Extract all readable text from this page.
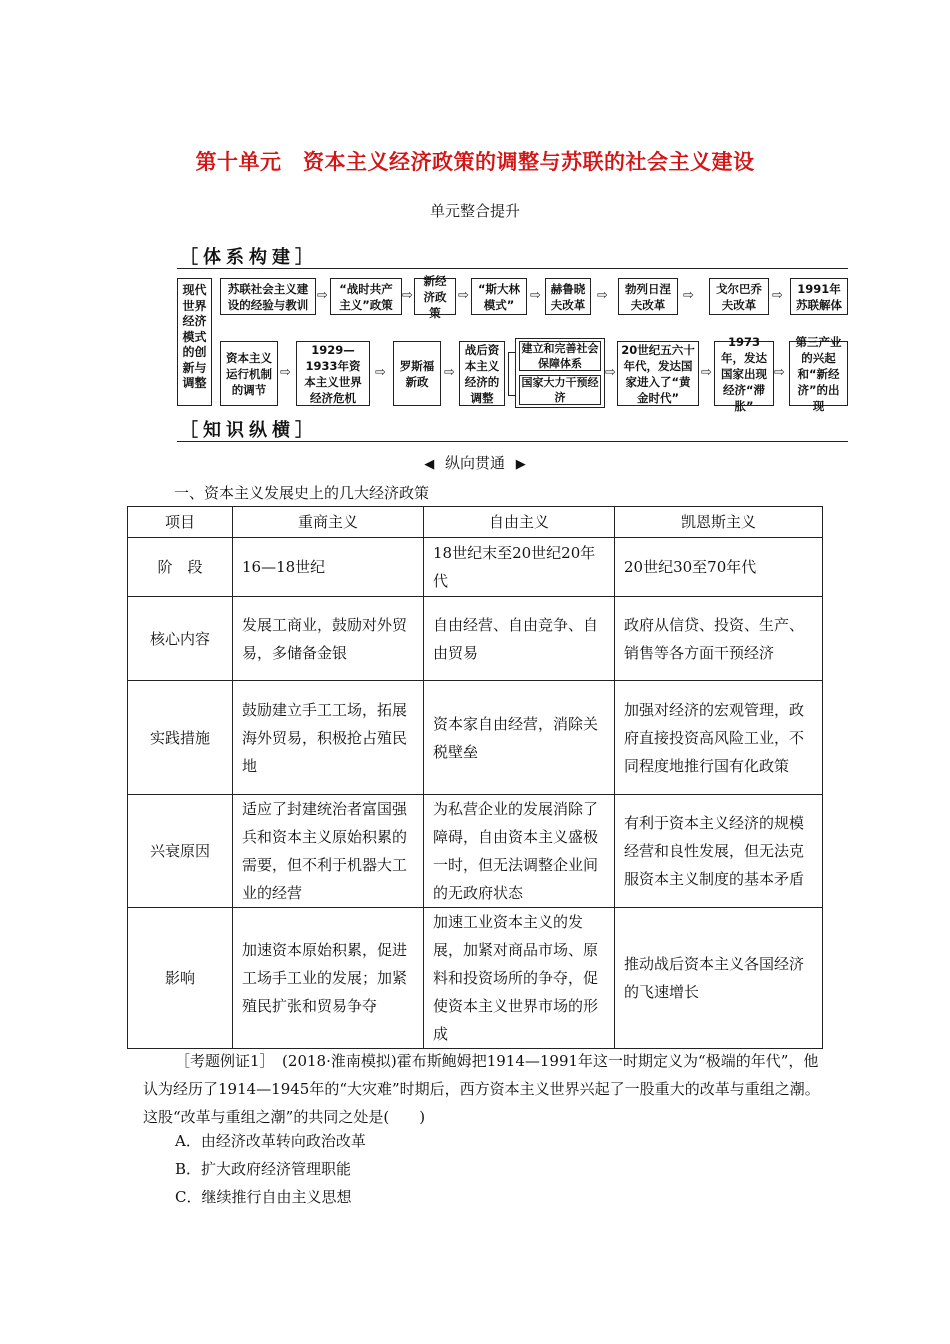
第十单元　资本主义经济政策的调整与苏联的社会主义建设
单元整合提升
［体系构建］
现代
世界
经济
模式
的创
新与
调整
苏联社会主义建设的经验与教训
⇨ “战时共产主义”政策
⇨
新经济政策
⇨ “斯大林模式”
⇨ 赫鲁晓夫改革
⇨	勃列日涅夫改革
⇨	戈尔巴乔夫改革
⇨	1991年苏联解体
资本主义运行机制的调节
⇨
1929—1933年资本主义世界经济危机
⇨	罗斯福新政
⇨
战后资本主义经济的调整
建立和完善社会保障体系
国家大力干预经济
⇨
20世纪五六十年代，发达国家进入了“黄金时代”
⇨
1973年，发达国家出现经济“滞胀”
⇨
第三产业的兴起和“新经济”的出现
［知识纵横］
◀ 纵向贯通 ▶
一、资本主义发展史上的几大经济政策
项目	重商主义	自由主义	凯恩斯主义
阶　段	16—18世纪	18世纪末至20世纪20年代	20世纪30至70年代
核心内容	发展工商业，鼓励对外贸易，多储备金银	自由经营、自由竞争、自由贸易	政府从信贷、投资、生产、销售等各方面干预经济
实践措施	鼓励建立手工工场，拓展海外贸易，积极抢占殖民地	资本家自由经营，消除关税壁垒	加强对经济的宏观管理，政府直接投资高风险工业，不同程度地推行国有化政策
兴衰原因	适应了封建统治者富国强兵和资本主义原始积累的需要，但不利于机器大工业的经营	为私营企业的发展消除了障碍，自由资本主义盛极一时，但无法调整企业间的无政府状态	有利于资本主义经济的规模经营和良性发展，但无法克服资本主义制度的基本矛盾
影响	加速资本原始积累，促进工场手工业的发展；加紧殖民扩张和贸易争夺	加速工业资本主义的发展，加紧对商品市场、原料和投资场所的争夺，促使资本主义世界市场的形成	推动战后资本主义各国经济的飞速增长
［考题例证1］　(2018·淮南模拟)霍布斯鲍姆把1914—1991年这一时期定义为“极端的年代”，他认为经历了1914—1945年的“大灾难”时期后，西方资本主义世界兴起了一股重大的改革与重组之潮。这股“改革与重组之潮”的共同之处是(　　)
A．由经济改革转向政治改革
B．扩大政府经济管理职能
C．继续推行自由主义思想
